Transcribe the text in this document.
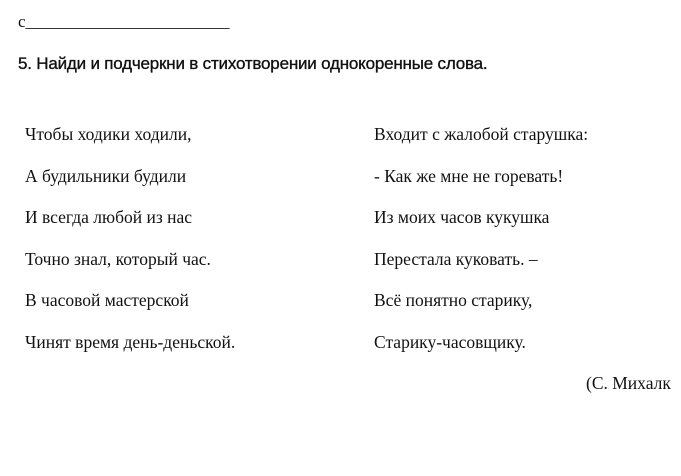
с________________________
5. Найди и подчеркни в стихотворении однокоренные слова.
Чтобы ходики ходили,
А будильники будили
И всегда любой из нас
Точно знал, который час.
В часовой мастерской
Чинят время день-деньской.
Входит с жалобой старушка:
- Как же мне не горевать!
Из моих часов кукушка
Перестала куковать. –
Всё понятно старику,
Старику-часовщику.
(С. Михалк
